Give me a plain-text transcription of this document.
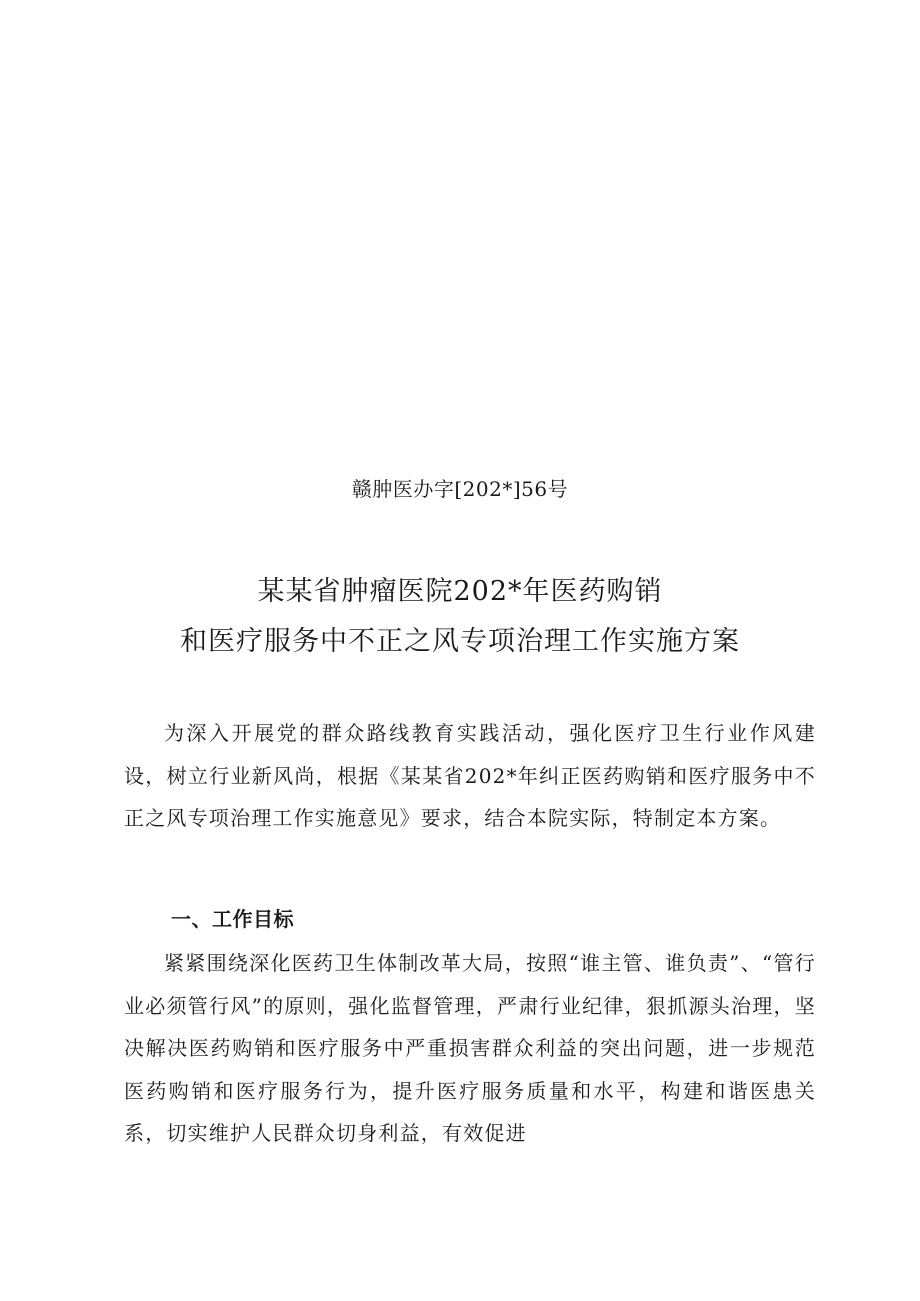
赣肿医办字[202*]56号
某某省肿瘤医院202*年医药购销
和医疗服务中不正之风专项治理工作实施方案

为深入开展党的群众路线教育实践活动，强化医疗卫生行业作风建设，树立行业新风尚，根据《某某省202*年纠正医药购销和医疗服务中不正之风专项治理工作实施意见》要求，结合本院实际，特制定本方案。

一、工作目标

紧紧围绕深化医药卫生体制改革大局，按照“谁主管、谁负责”、“管行业必须管行风”的原则，强化监督管理，严肃行业纪律，狠抓源头治理，坚决解决医药购销和医疗服务中严重损害群众利益的突出问题，进一步规范医药购销和医疗服务行为，提升医疗服务质量和水平，构建和谐医患关系，切实维护人民群众切身利益，有效促进
